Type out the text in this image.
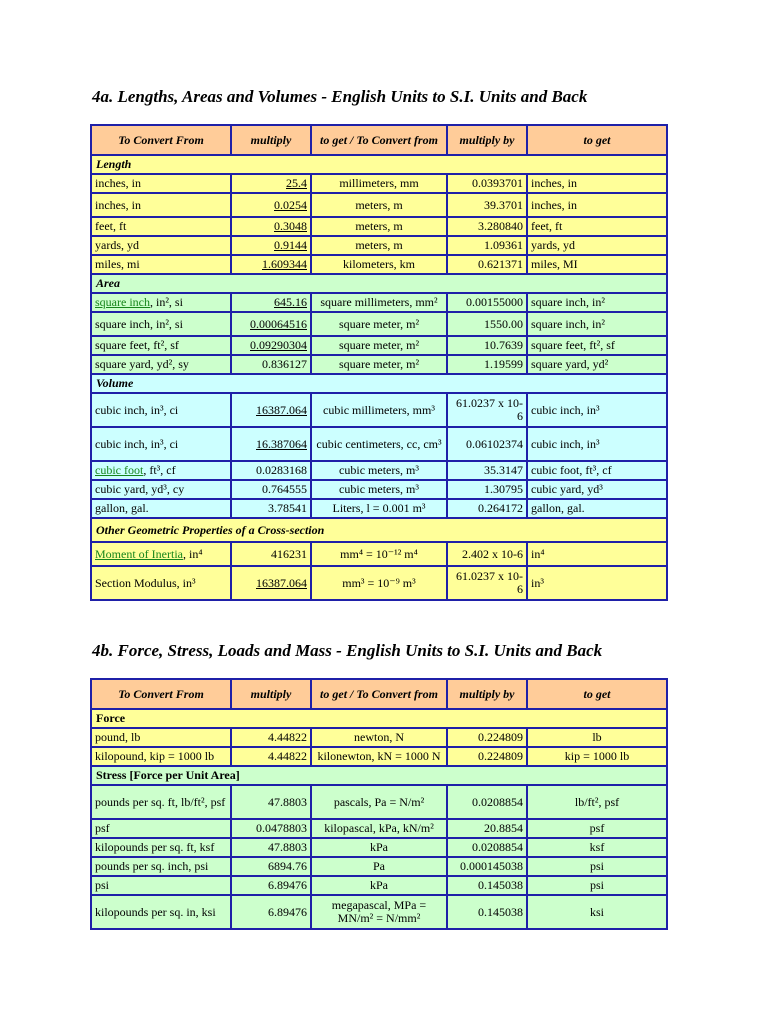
4a. Lengths, Areas and Volumes - English Units to S.I. Units and Back
To Convert From	multiply	to get / To Convert from	multiply by	to get
Length				
inches, in	25.4	millimeters, mm	0.0393701	inches, in
inches, in	0.0254	meters, m	39.3701	inches, in
feet, ft	0.3048	meters, m	3.280840	feet, ft
yards, yd	0.9144	meters, m	1.09361	yards, yd
miles, mi	1.609344	kilometers, km	0.621371	miles, MI
Area				
square inch, in², si	645.16	square millimeters, mm²	0.00155000	square inch, in²
square inch, in², si	0.00064516	square meter, m²	1550.00	square inch, in²
square feet, ft², sf	0.09290304	square meter, m²	10.7639	square feet, ft², sf
square yard, yd², sy	0.836127	square meter, m²	1.19599	square yard, yd²
Volume				
cubic inch, in³, ci	16387.064	cubic millimeters, mm³	61.0237 x 10-6	cubic inch, in³
cubic inch, in³, ci	16.387064	cubic centimeters, cc, cm³	0.06102374	cubic inch, in³
cubic foot, ft³, cf	0.0283168	cubic meters, m³	35.3147	cubic foot, ft³, cf
cubic yard, yd³, cy	0.764555	cubic meters, m³	1.30795	cubic yard, yd³
gallon, gal.	3.78541	Liters, l = 0.001 m³	0.264172	gallon, gal.
Other Geometric Properties of a Cross-section				
Moment of Inertia, in⁴	416231	mm⁴ = 10⁻¹² m⁴	2.402 x 10-6	in⁴
Section Modulus, in³	16387.064	mm³ = 10⁻⁹ m³	61.0237 x 10-6	in³
4b. Force, Stress, Loads and Mass - English Units to S.I. Units and Back
To Convert From	multiply	to get / To Convert from	multiply by	to get
Force				
pound, lb	4.44822	newton, N	0.224809	lb
kilopound, kip = 1000 lb	4.44822	kilonewton, kN = 1000 N	0.224809	kip = 1000 lb
Stress [Force per Unit Area]				
pounds per sq. ft, lb/ft², psf	47.8803	pascals, Pa = N/m²	0.0208854	lb/ft², psf
psf	0.0478803	kilopascal, kPa, kN/m²	20.8854	psf
kilopounds per sq. ft, ksf	47.8803	kPa	0.0208854	ksf
pounds per sq. inch, psi	6894.76	Pa	0.000145038	psi
psi	6.89476	kPa	0.145038	psi
kilopounds per sq. in, ksi	6.89476	megapascal, MPa = MN/m² = N/mm²	0.145038	ksi
